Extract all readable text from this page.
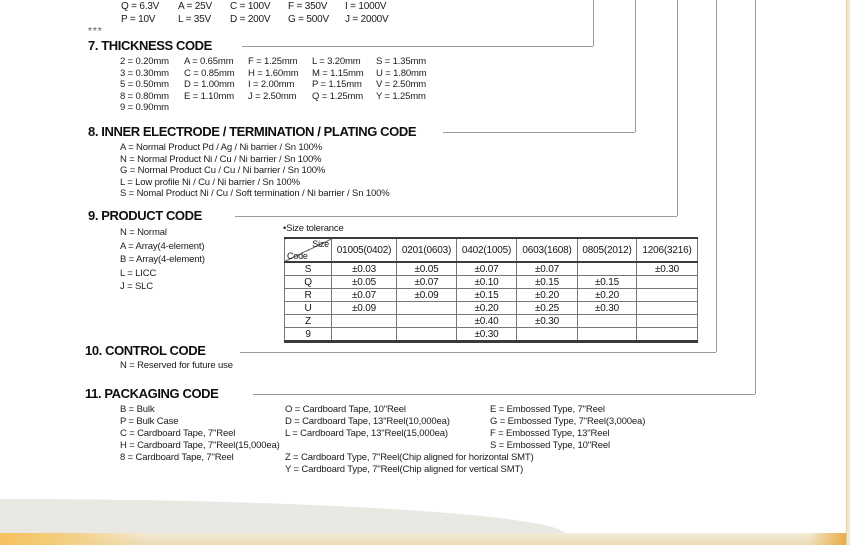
Q = 6.3V	A = 25V	C = 100V	F = 350V	I = 1000V
P = 10V	L = 35V	D = 200V	G = 500V	J = 2000V
***
7. THICKNESS CODE
2 = 0.20mm
3 = 0.30mm
5 = 0.50mm
8 = 0.80mm
9 = 0.90mm
A = 0.65mm
C = 0.85mm
D = 1.00mm
E = 1.10mm
F = 1.25mm
H = 1.60mm
I = 2.00mm
J = 2.50mm
L = 3.20mm
M = 1.15mm
P = 1.15mm
Q = 1.25mm
S = 1.35mm
U = 1.80mm
V = 2.50mm
Y = 1.25mm
8. INNER ELECTRODE / TERMINATION / PLATING CODE
A = Normal Product Pd / Ag / Ni barrier / Sn 100%
N = Normal Product Ni / Cu / Ni barrier / Sn 100%
G = Normal Product Cu / Cu / Ni barrier / Sn 100%
L = Low profile Ni / Cu / Ni barrier / Sn 100%
S = Nomal Product Ni / Cu / Soft termination / Ni barrier / Sn 100%
9. PRODUCT CODE
N = Normal
A = Array(4-element)
B = Array(4-element)
L = LICC
J = SLC
•Size tolerance
Size
Code	01005(0402)	0201(0603)	0402(1005)	0603(1608)	0805(2012)	1206(3216)
S	±0.03	±0.05	±0.07	±0.07		±0.30
Q	±0.05	±0.07	±0.10	±0.15	±0.15	
R	±0.07	±0.09	±0.15	±0.20	±0.20	
U	±0.09		±0.20	±0.25	±0.30	
Z			±0.40	±0.30		
9			±0.30			
10. CONTROL CODE
N = Reserved for future use
11. PACKAGING CODE
B = Bulk
P = Bulk Case
C = Cardboard Tape, 7"Reel
H = Cardboard Tape, 7"Reel(15,000ea)
8 = Cardboard Tape, 7"Reel
O = Cardboard Tape, 10"Reel
D = Cardboard Tape, 13"Reel(10,000ea)
L = Cardboard Tape, 13"Reel(15,000ea)
Z = Cardboard Type, 7"Reel(Chip aligned for horizontal SMT)
Y = Cardboard Type, 7"Reel(Chip aligned for vertical SMT)
E = Embossed Type, 7"Reel
G = Embossed Type, 7"Reel(3,000ea)
F = Embossed Type, 13"Reel
S = Embossed Type, 10"Reel
